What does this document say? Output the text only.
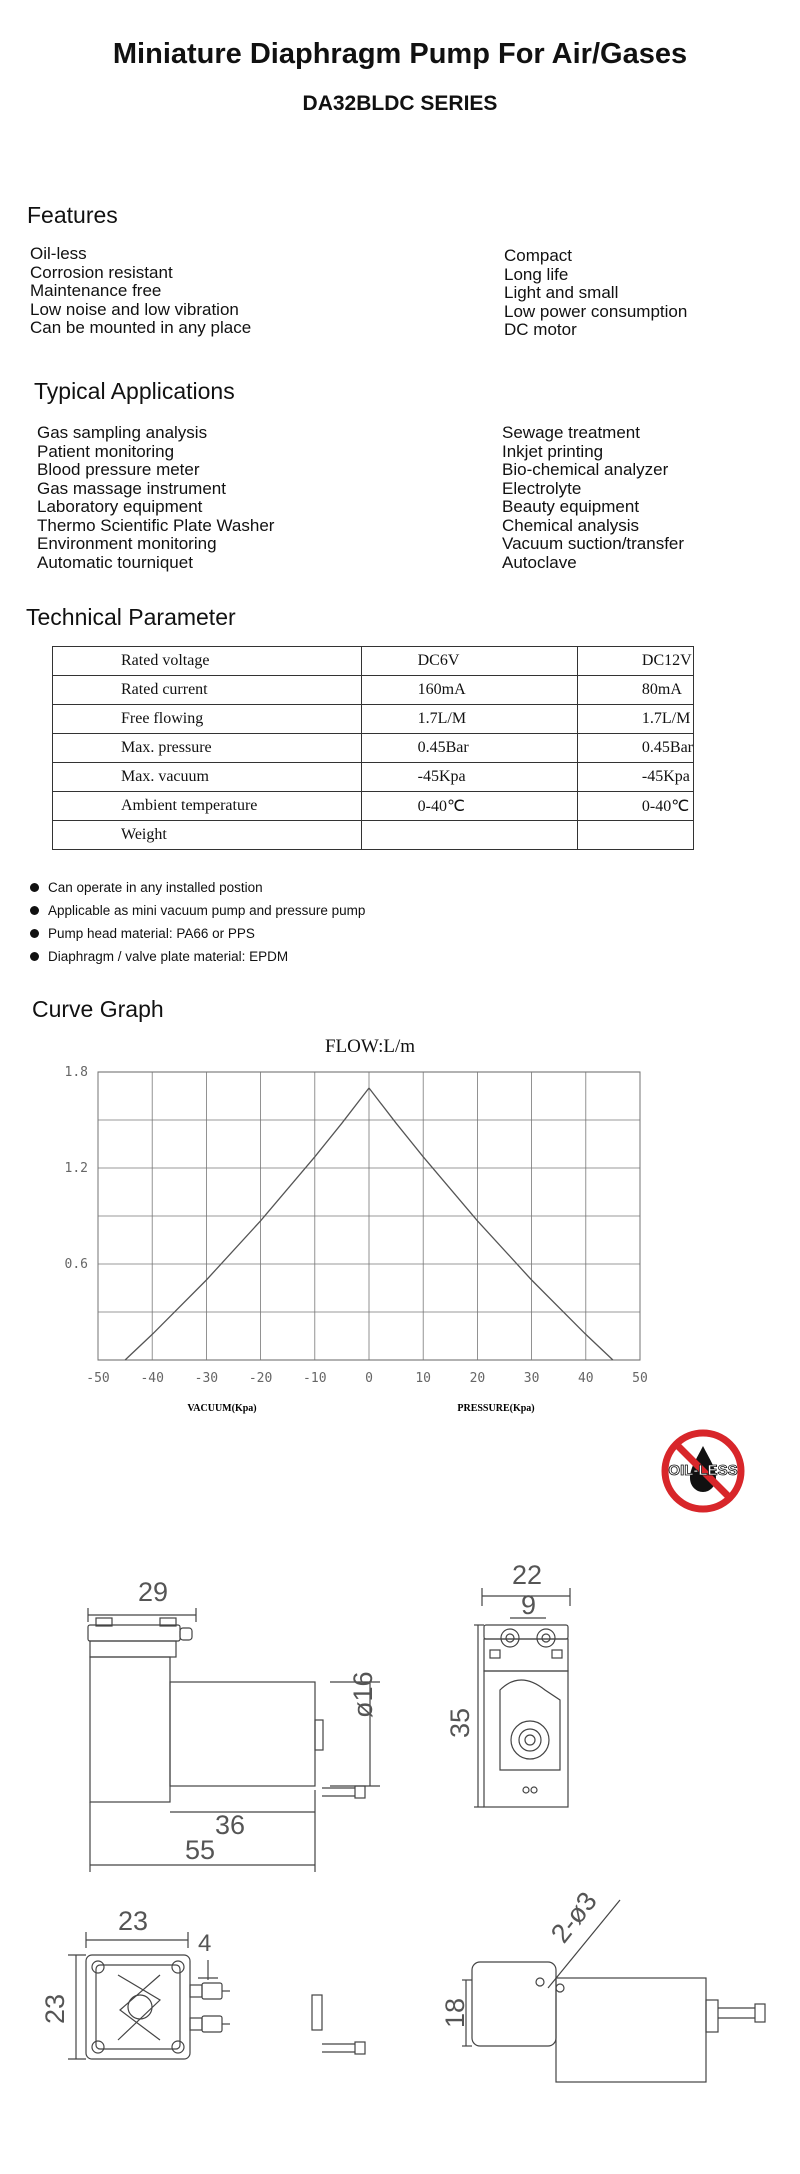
Miniature Diaphragm Pump For Air/Gases
DA32BLDC SERIES
Features
Oil-less
Corrosion resistant
Maintenance free
Low noise and low vibration
Can be mounted in any place
Compact
Long life
Light and small
Low power consumption
DC motor
Typical Applications
Gas sampling analysis
Patient monitoring
Blood pressure meter
Gas massage instrument
Laboratory equipment
Thermo Scientific Plate Washer
Environment monitoring
Automatic tourniquet
Sewage treatment
Inkjet printing
Bio-chemical analyzer
Electrolyte
Beauty equipment
Chemical analysis
Vacuum suction/transfer
Autoclave
Technical Parameter
Rated voltage	DC6V	DC12V
Rated current	160mA	80mA
Free flowing	1.7L/M	1.7L/M
Max. pressure	0.45Bar	0.45Bar
Max. vacuum	-45Kpa	-45Kpa
Ambient temperature	0-40℃	0-40℃
Weight		
Can operate in any installed postion
Applicable as mini vacuum pump and pressure pump
Pump head material: PA66 or PPS
Diaphragm / valve plate material: EPDM
Curve Graph
FLOW:L/m
-50 -40 -30 -20 -10	0	10	20	30	40	50
0.6
1.2
1.8
VACUUM(Kpa)	PRESSURE(Kpa)
OIL-LESS
29
36
55
ø16
22
9
35
23
4
23	18
2-ø3
